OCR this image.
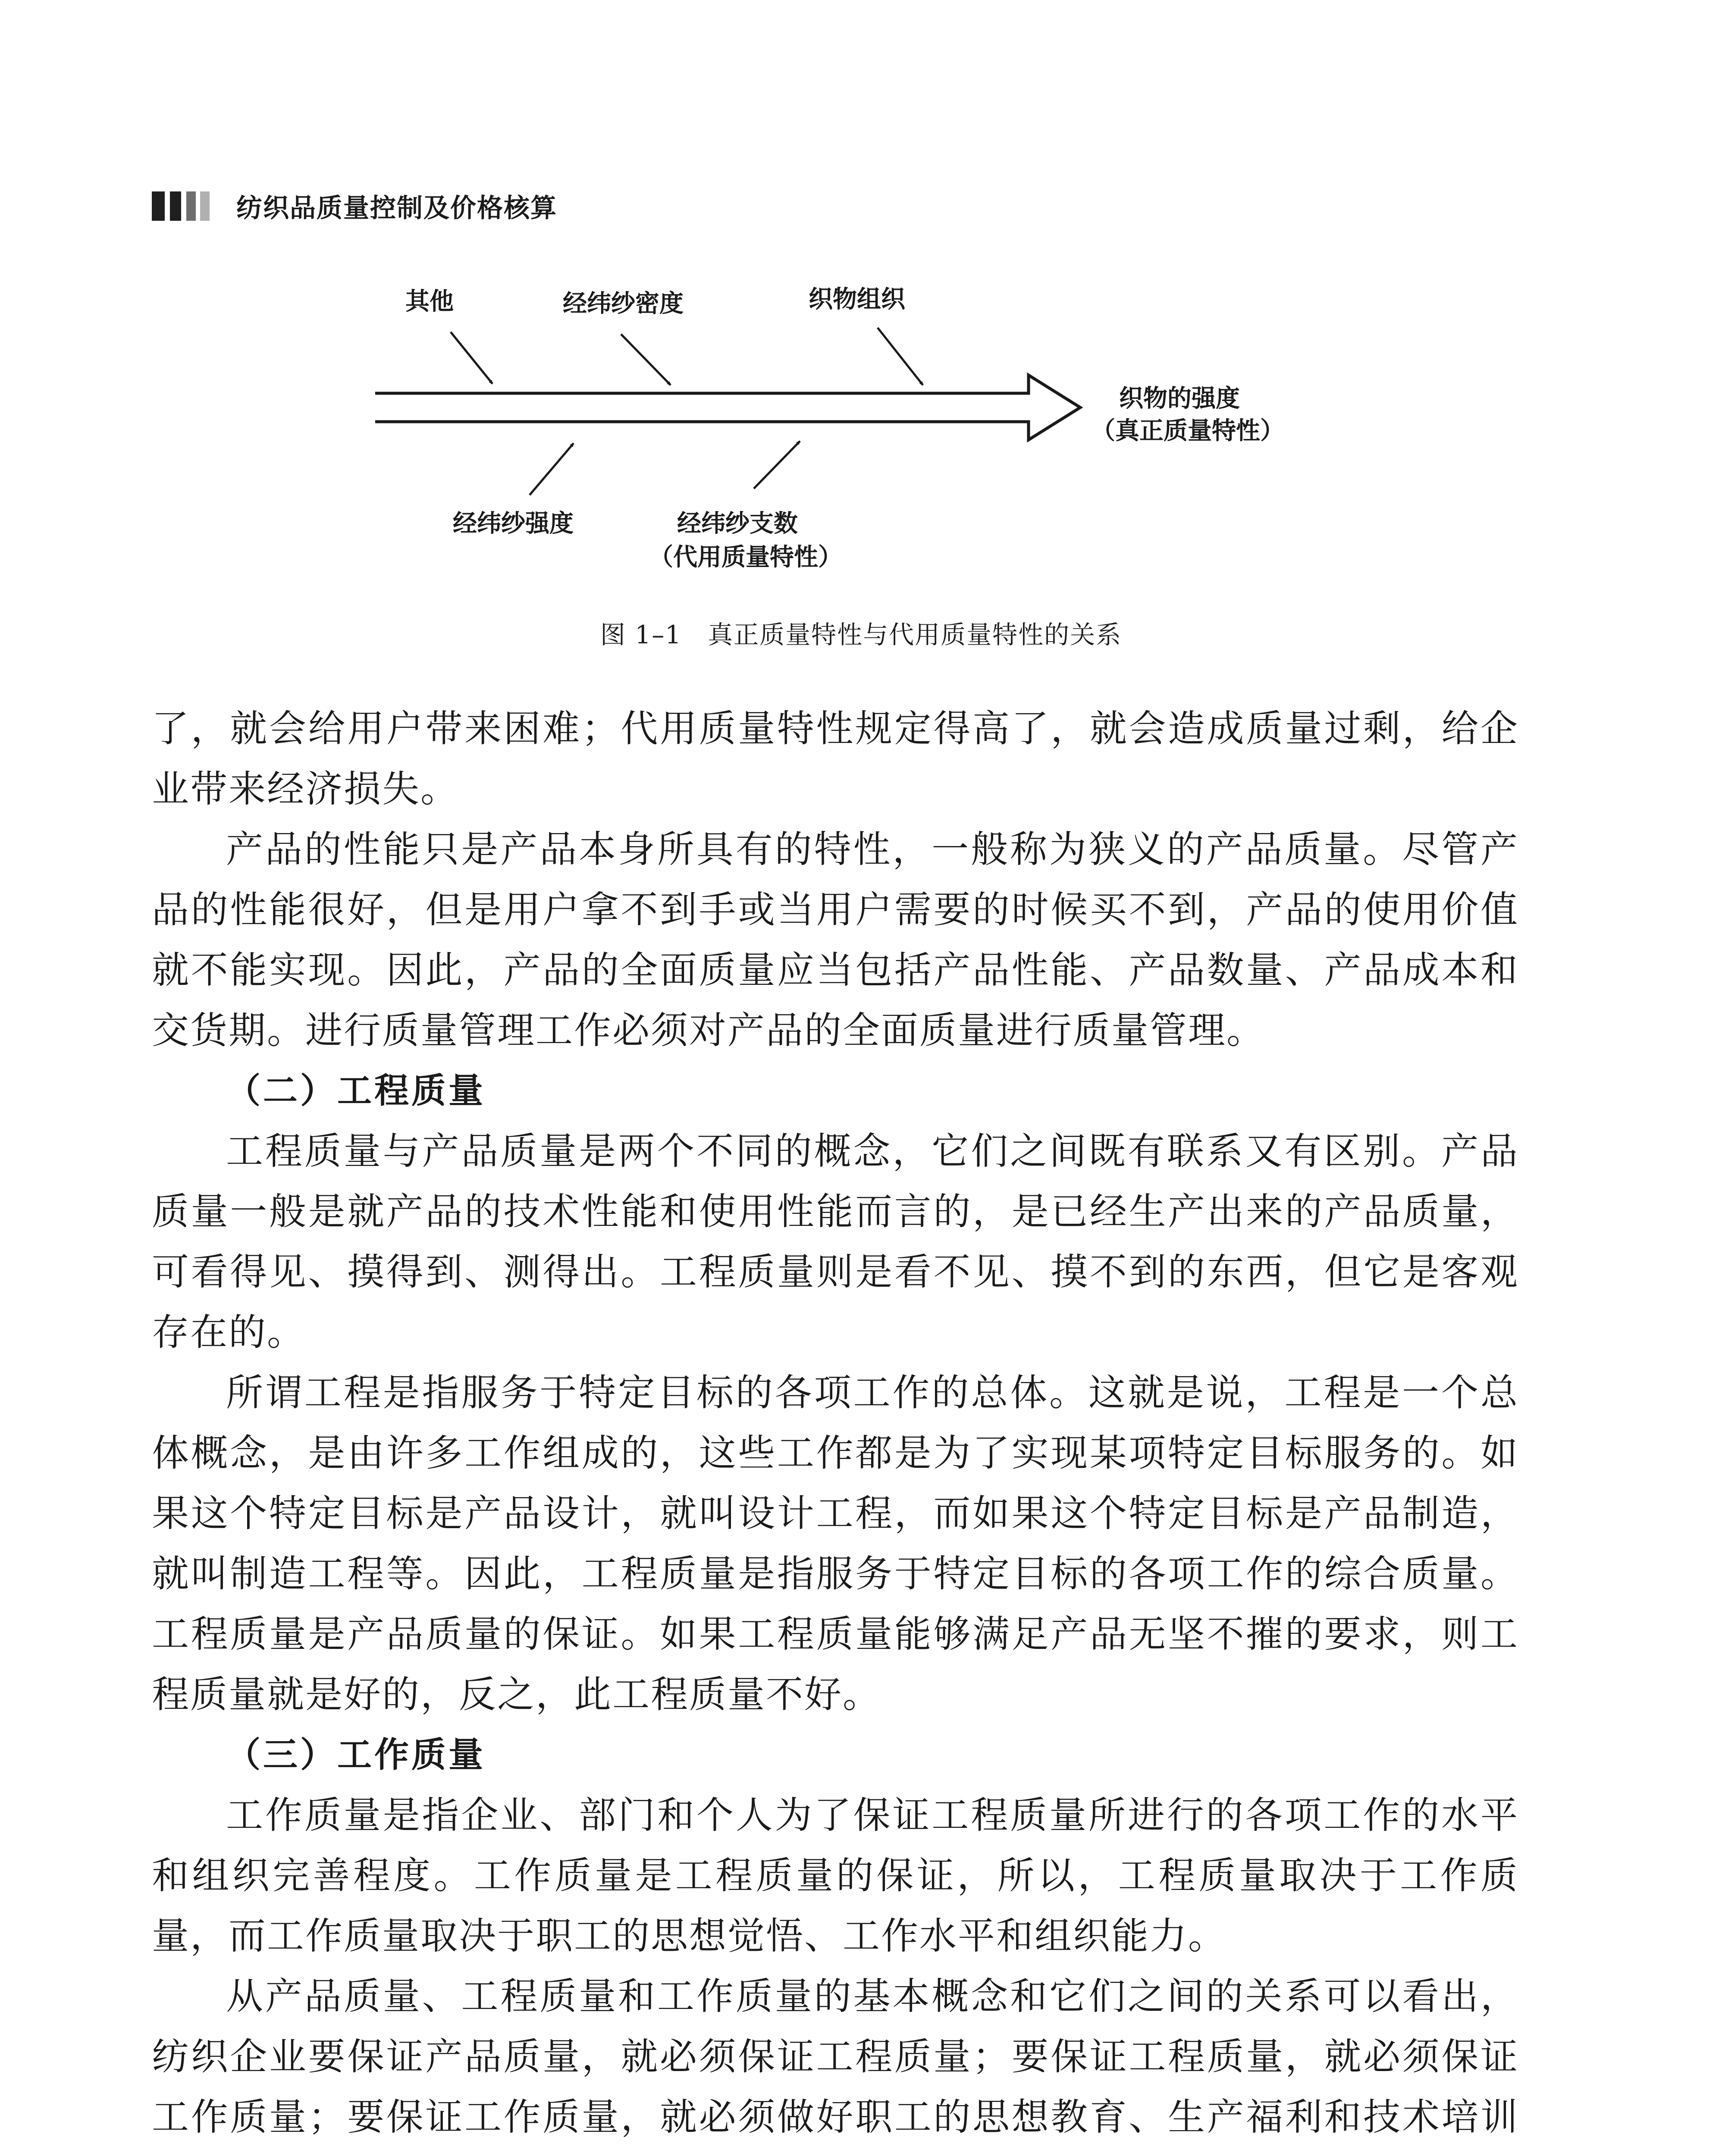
纺织品质量控制及价格核算
其他	经纬纱密度	织物组织
织物的强度
（真正质量特性）
经纬纱强度	经纬纱支数
（代用质量特性）
图 1–1　真正质量特性与代用质量特性的关系

了，就会给用户带来困难；代用质量特性规定得高了，就会造成质量过剩，给企业带来经济损失。

产品的性能只是产品本身所具有的特性，一般称为狭义的产品质量。尽管产品的性能很好，但是用户拿不到手或当用户需要的时候买不到，产品的使用价值就不能实现。因此，产品的全面质量应当包括产品性能、产品数量、产品成本和交货期。进行质量管理工作必须对产品的全面质量进行质量管理。

（二）工程质量

工程质量与产品质量是两个不同的概念，它们之间既有联系又有区别。产品质量一般是就产品的技术性能和使用性能而言的，是已经生产出来的产品质量，可看得见、摸得到、测得出。工程质量则是看不见、摸不到的东西，但它是客观存在的。

所谓工程是指服务于特定目标的各项工作的总体。这就是说，工程是一个总体概念，是由许多工作组成的，这些工作都是为了实现某项特定目标服务的。如果这个特定目标是产品设计，就叫设计工程，而如果这个特定目标是产品制造，就叫制造工程等。因此，工程质量是指服务于特定目标的各项工作的综合质量。工程质量是产品质量的保证。如果工程质量能够满足产品无坚不摧的要求，则工程质量就是好的，反之，此工程质量不好。

（三）工作质量

工作质量是指企业、部门和个人为了保证工程质量所进行的各项工作的水平和组织完善程度。工作质量是工程质量的保证，所以，工程质量取决于工作质量，而工作质量取决于职工的思想觉悟、工作水平和组织能力。

从产品质量、工程质量和工作质量的基本概念和它们之间的关系可以看出，纺织企业要保证产品质量，就必须保证工程质量；要保证工程质量，就必须保证工作质量；要保证工作质量，就必须做好职工的思想教育、生产福利和技术培训
